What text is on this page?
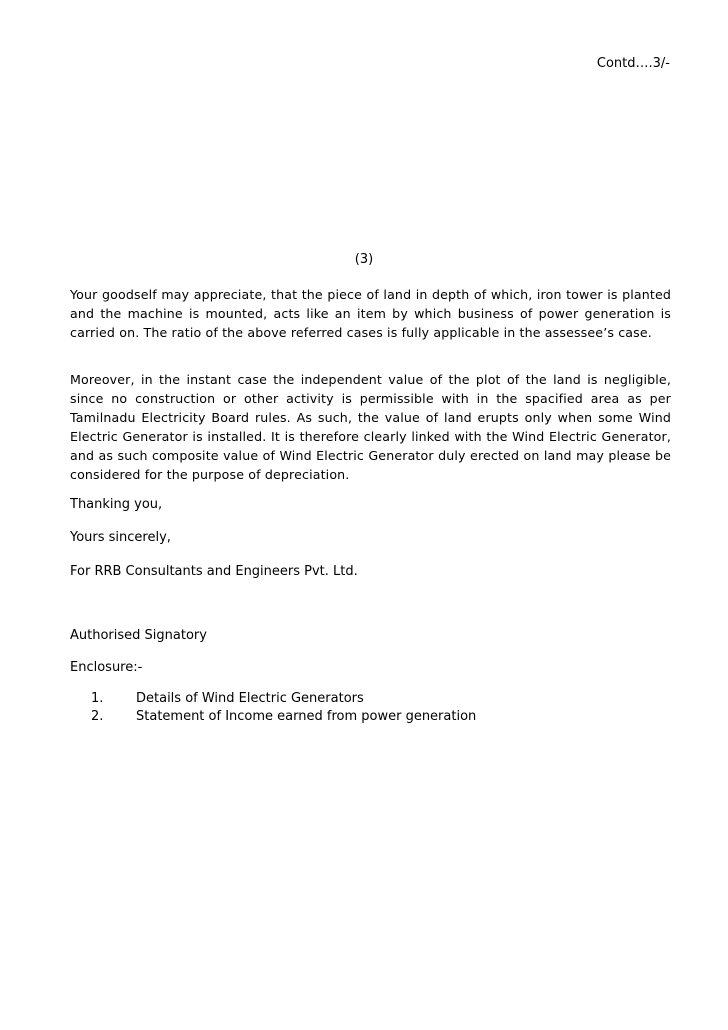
Contd….3/-
(3)
Your goodself may appreciate, that the piece of land in depth of which, iron tower is planted and the machine is mounted, acts like an item by which business of power generation is carried on. The ratio of the above referred cases is fully applicable in the assessee’s case.
Moreover, in the instant case the independent value of the plot of the land is negligible, since no construction or other activity is permissible with in the spacified area as per Tamilnadu Electricity Board rules. As such, the value of land erupts only when some Wind Electric Generator is installed. It is therefore clearly linked with the Wind Electric Generator, and as such composite value of Wind Electric Generator duly erected on land may please be considered for the purpose of depreciation.
Thanking you,
Yours sincerely,
For RRB Consultants and Engineers Pvt. Ltd.
Authorised Signatory
Enclosure:-
1.	Details of Wind Electric Generators
2.	Statement of Income earned from power generation
